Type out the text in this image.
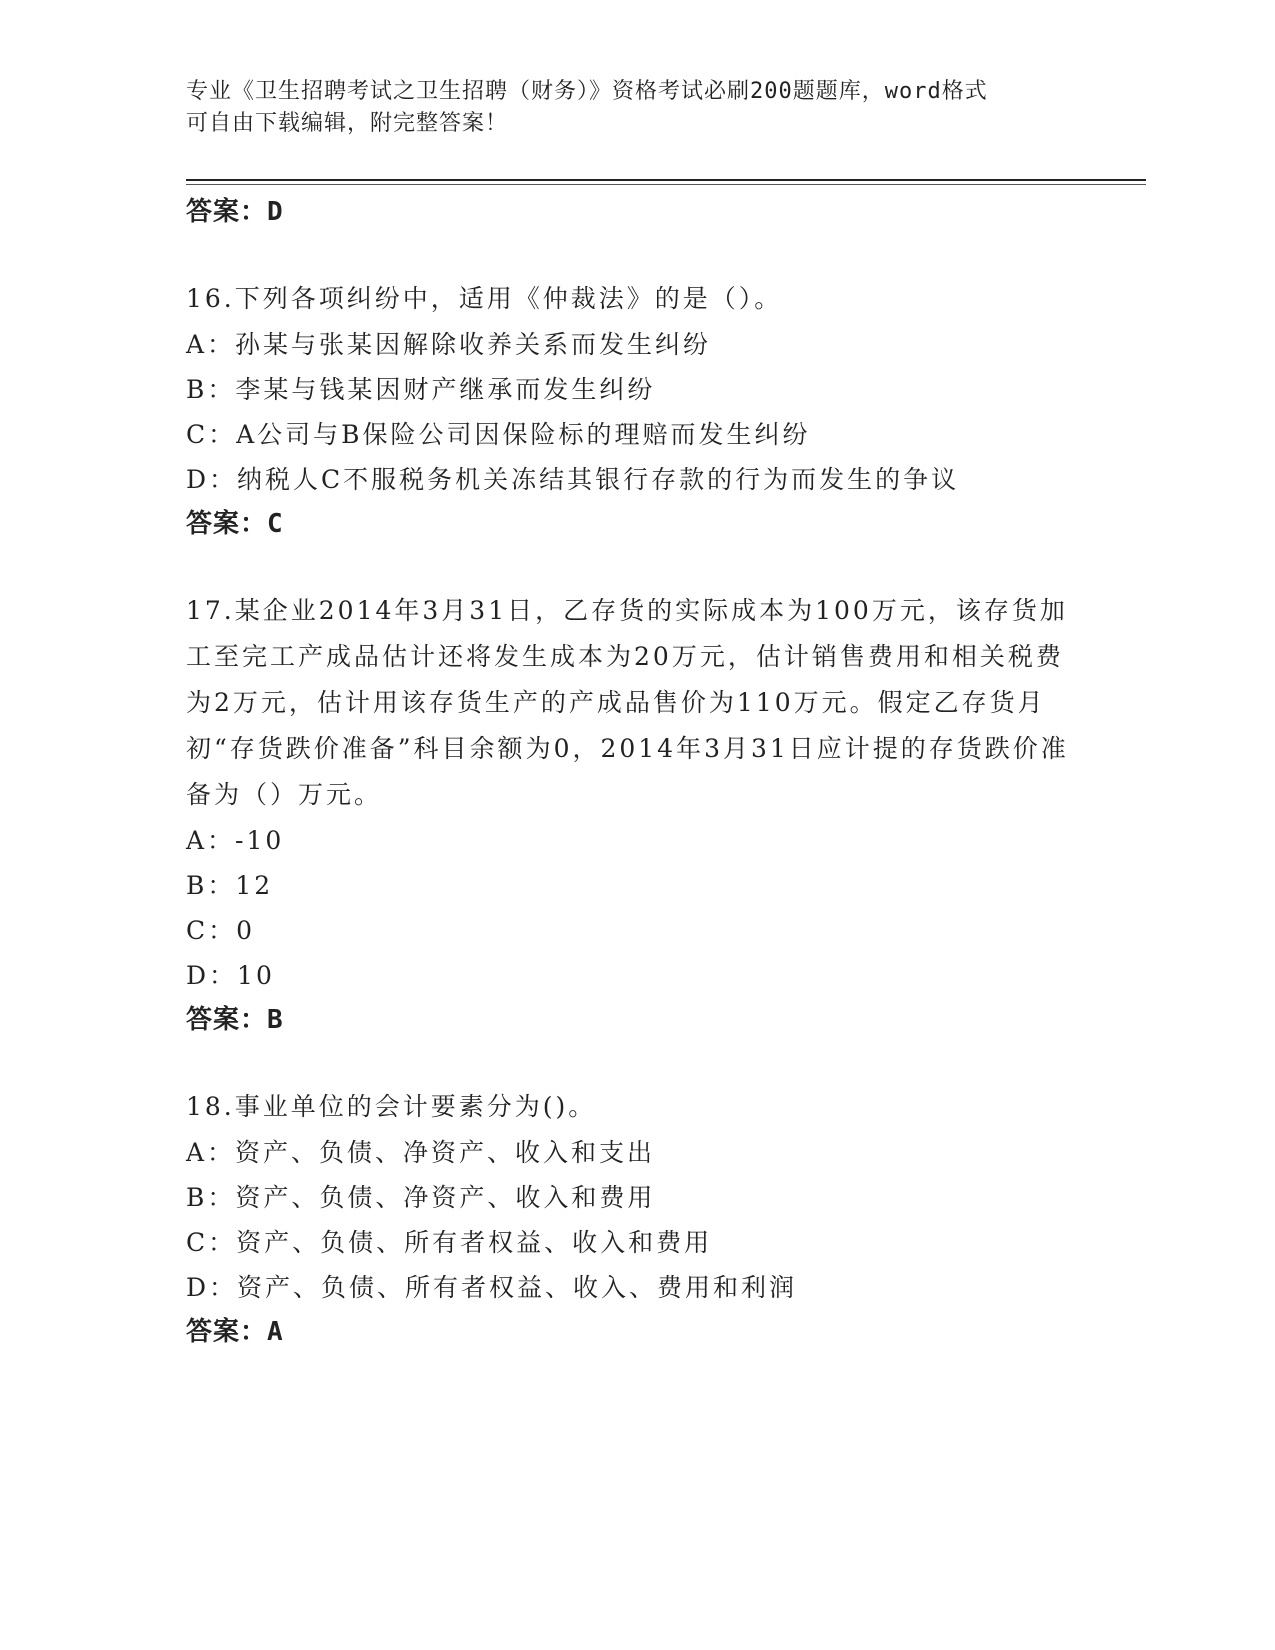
专业《卫生招聘考试之卫生招聘（财务）》资格考试必刷200题题库，word格式
可自由下载编辑，附完整答案！

答案：D

16.下列各项纠纷中，适用《仲裁法》的是（）。

A：孙某与张某因解除收养关系而发生纠纷

B：李某与钱某因财产继承而发生纠纷

C：A公司与B保险公司因保险标的理赔而发生纠纷

D：纳税人C不服税务机关冻结其银行存款的行为而发生的争议

答案：C

17.某企业2014年3月31日，乙存货的实际成本为100万元，该存货加工至完工产成品估计还将发生成本为20万元，估计销售费用和相关税费为2万元，估计用该存货生产的产成品售价为110万元。假定乙存货月初“存货跌价准备”科目余额为0，2014年3月31日应计提的存货跌价准备为（）万元。

A：-10

B：12

C：0

D：10

答案：B

18.事业单位的会计要素分为()。

A：资产、负债、净资产、收入和支出

B：资产、负债、净资产、收入和费用

C：资产、负债、所有者权益、收入和费用

D：资产、负债、所有者权益、收入、费用和利润

答案：A
